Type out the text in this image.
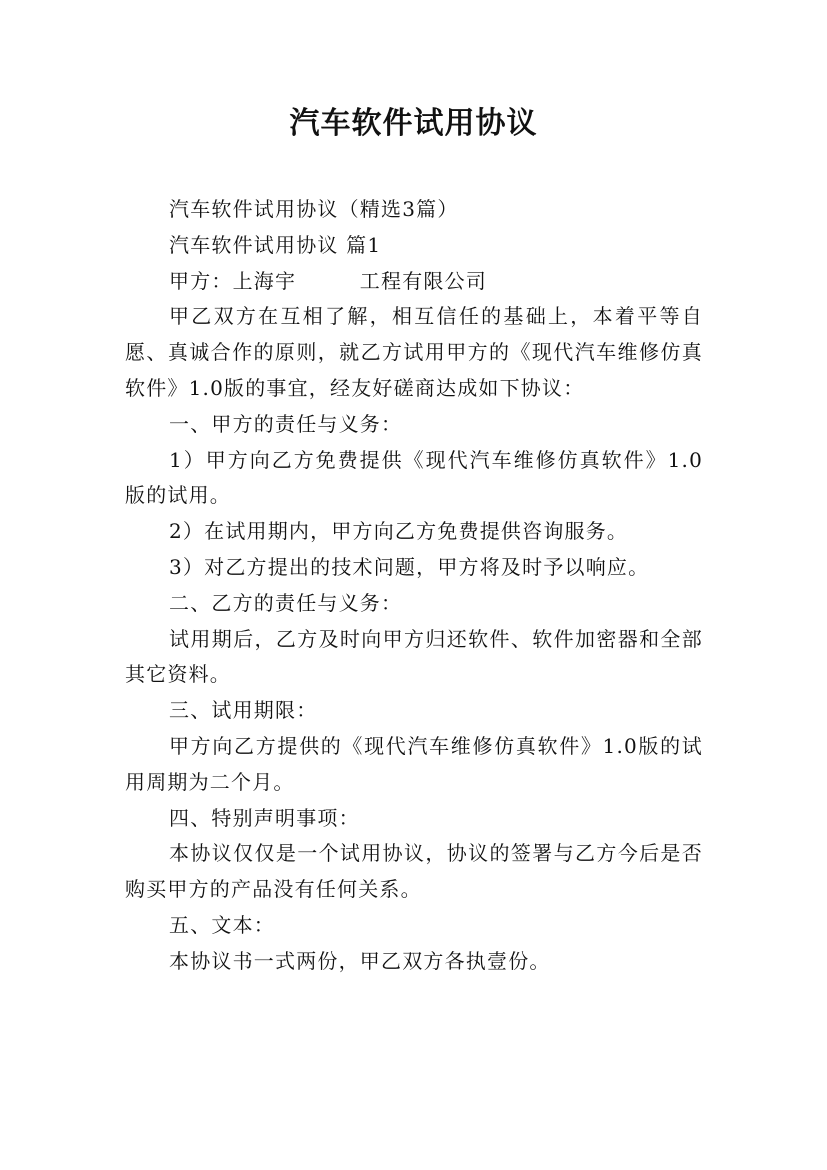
汽车软件试用协议

汽车软件试用协议（精选3篇）

汽车软件试用协议 篇1

甲方：上海宇　　　工程有限公司

甲乙双方在互相了解，相互信任的基础上，本着平等自愿、真诚合作的原则，就乙方试用甲方的《现代汽车维修仿真软件》1.0版的事宜，经友好磋商达成如下协议：

一、甲方的责任与义务：

1）甲方向乙方免费提供《现代汽车维修仿真软件》1.0版的试用。

2）在试用期内，甲方向乙方免费提供咨询服务。

3）对乙方提出的技术问题，甲方将及时予以响应。

二、乙方的责任与义务：

试用期后，乙方及时向甲方归还软件、软件加密器和全部其它资料。

三、试用期限：

甲方向乙方提供的《现代汽车维修仿真软件》1.0版的试用周期为二个月。

四、特别声明事项：

本协议仅仅是一个试用协议，协议的签署与乙方今后是否购买甲方的产品没有任何关系。

五、文本：

本协议书一式两份，甲乙双方各执壹份。
